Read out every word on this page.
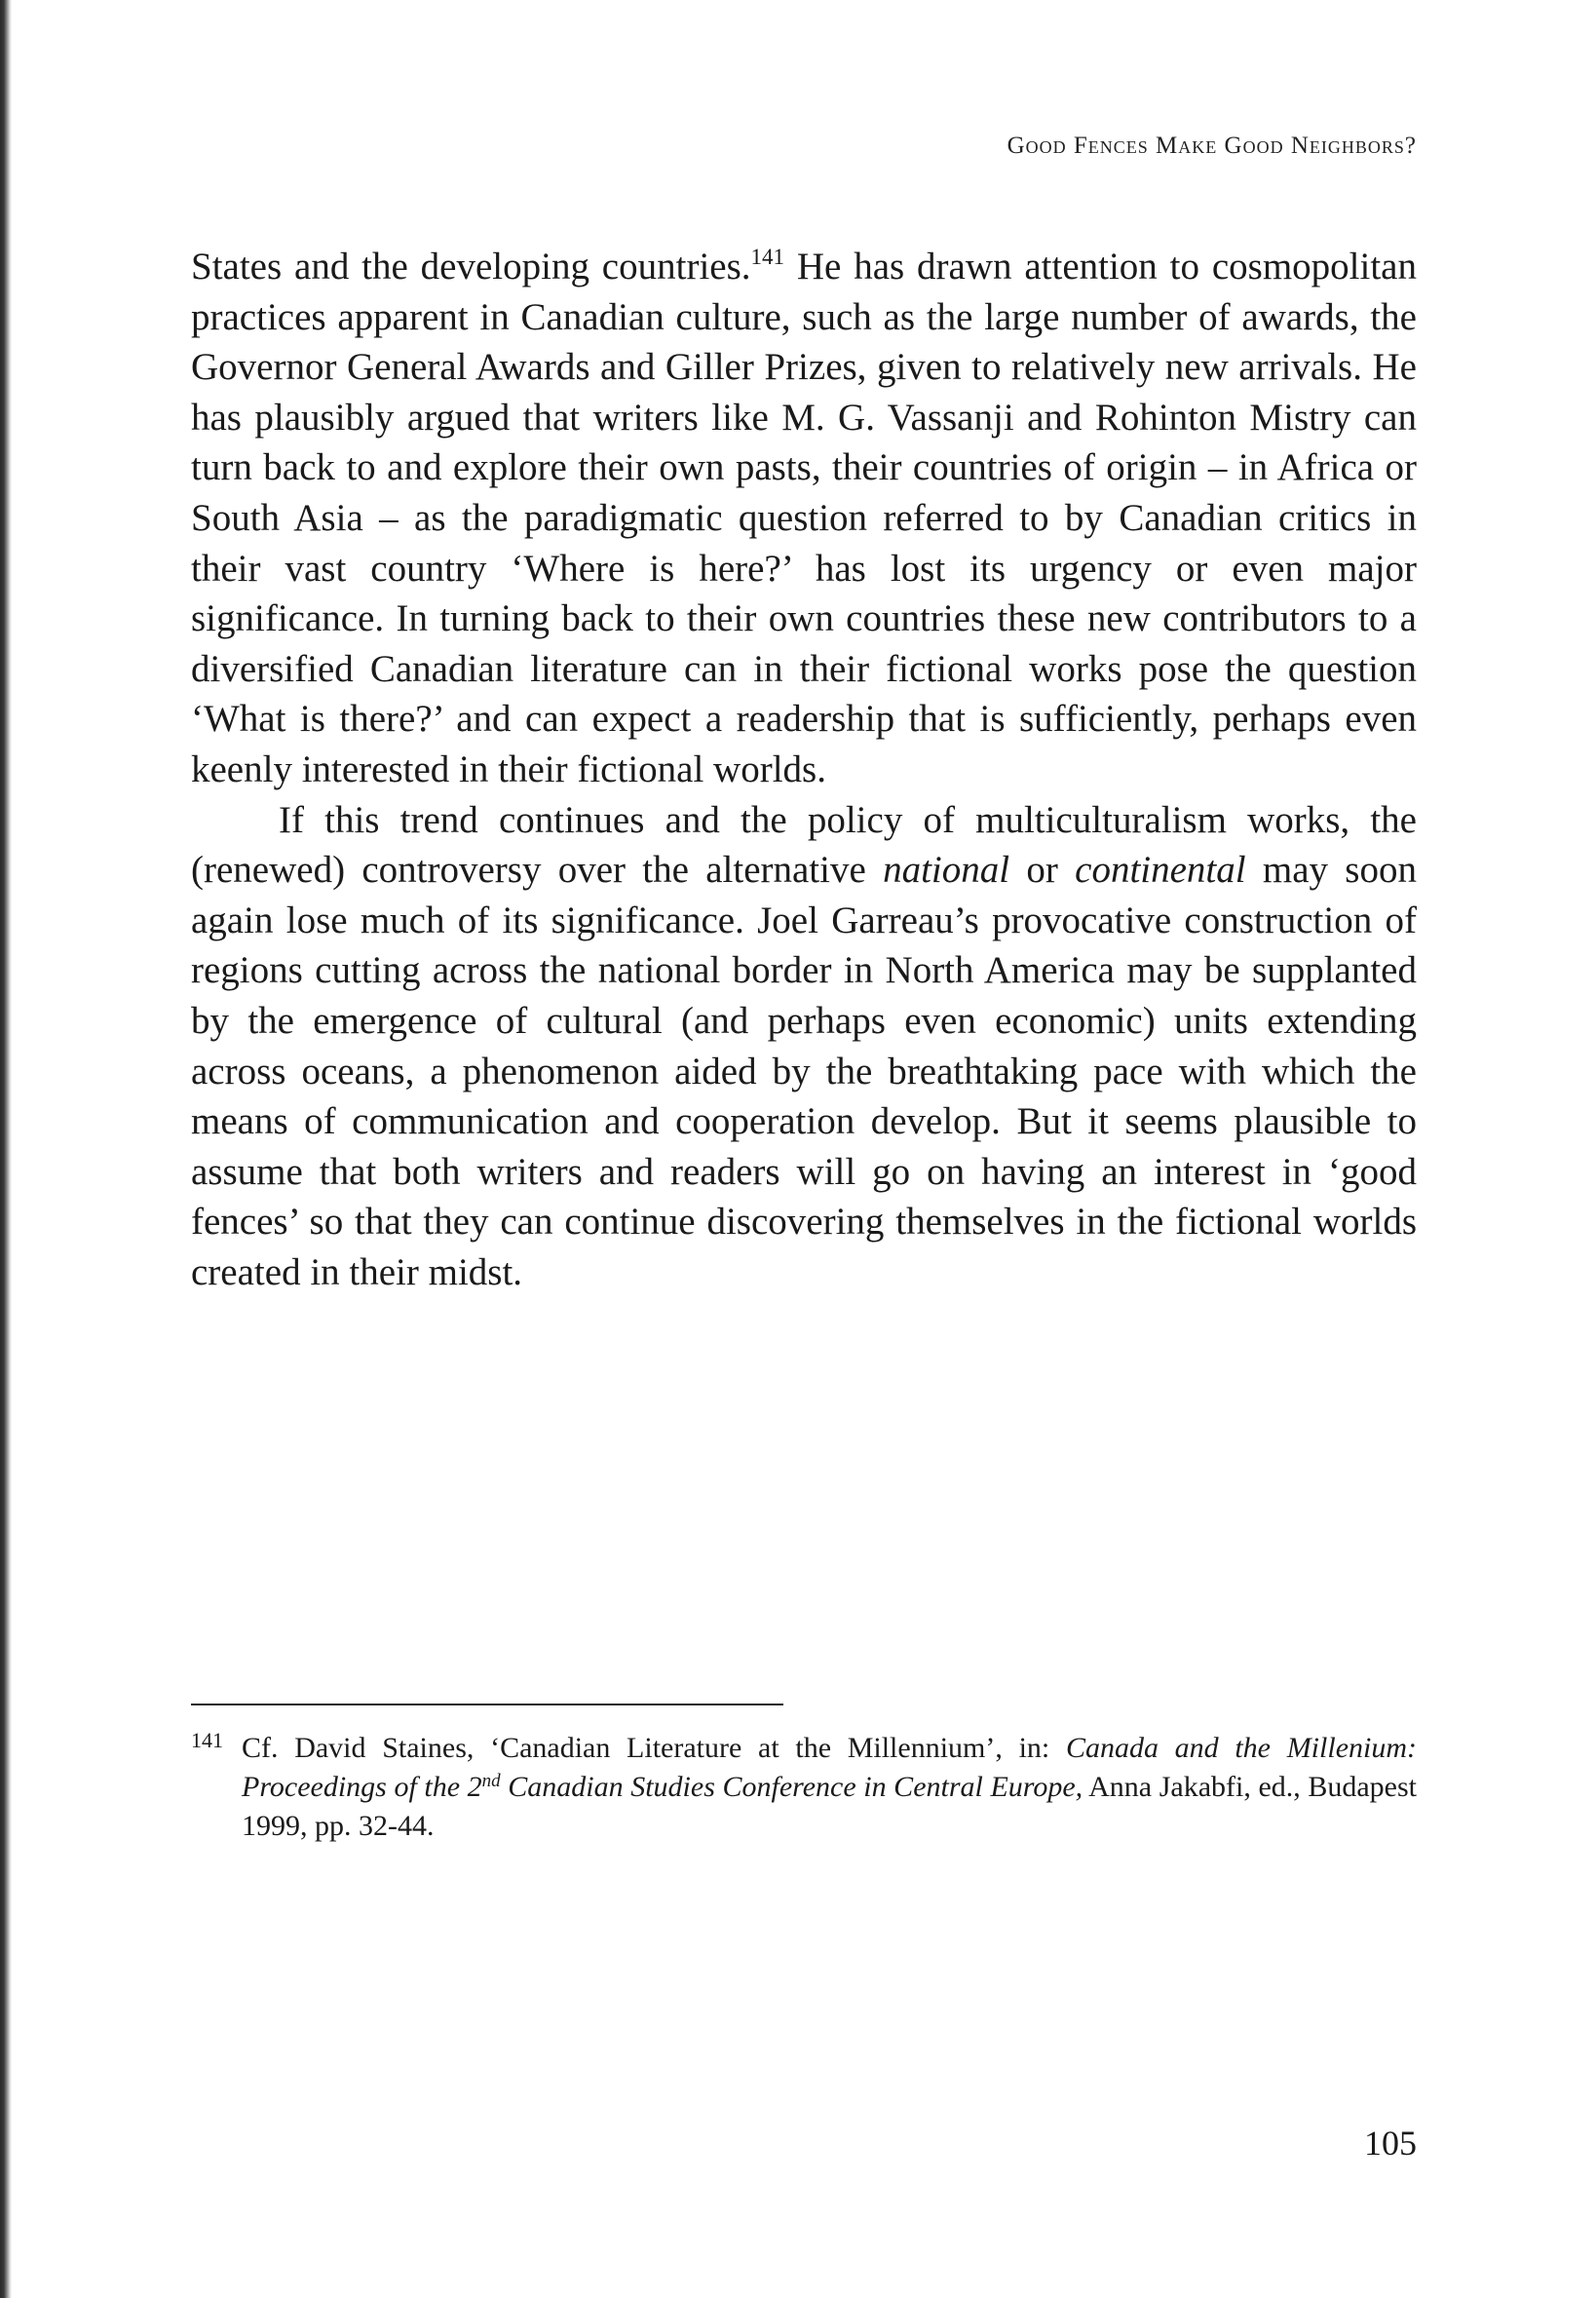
Good Fences Make Good Neighbors?

States and the developing countries.$^{141}$ He has drawn attention to cosmopolitan practices apparent in Canadian culture, such as the large number of awards, the Governor General Awards and Giller Prizes, given to relatively new arrivals. He has plausibly argued that writers like M. G. Vassanji and Rohinton Mistry can turn back to and explore their own pasts, their countries of origin – in Africa or South Asia – as the paradigmatic question referred to by Canadian critics in their vast country ‘Where is here?’ has lost its urgency or even major significance. In turning back to their own countries these new contributors to a diversified Canadian literature can in their fictional works pose the question ‘What is there?’ and can expect a readership that is sufficiently, perhaps even keenly interested in their fictional worlds.

If this trend continues and the policy of multiculturalism works, the (renewed) controversy over the alternative national or continental may soon again lose much of its significance. Joel Garreau’s provocative construction of regions cutting across the national border in North America may be supplanted by the emergence of cultural (and perhaps even economic) units extending across oceans, a phenomenon aided by the breathtaking pace with which the means of communication and cooperation develop. But it seems plausible to assume that both writers and readers will go on having an interest in ‘good fences’ so that they can continue discovering themselves in the fictional worlds created in their midst.

141 Cf. David Staines, ‘Canadian Literature at the Millennium’, in: Canada and the Millenium: Proceedings of the 2nd Canadian Studies Conference in Central Europe, Anna Jakabfi, ed., Budapest 1999, pp. 32-44.

105
